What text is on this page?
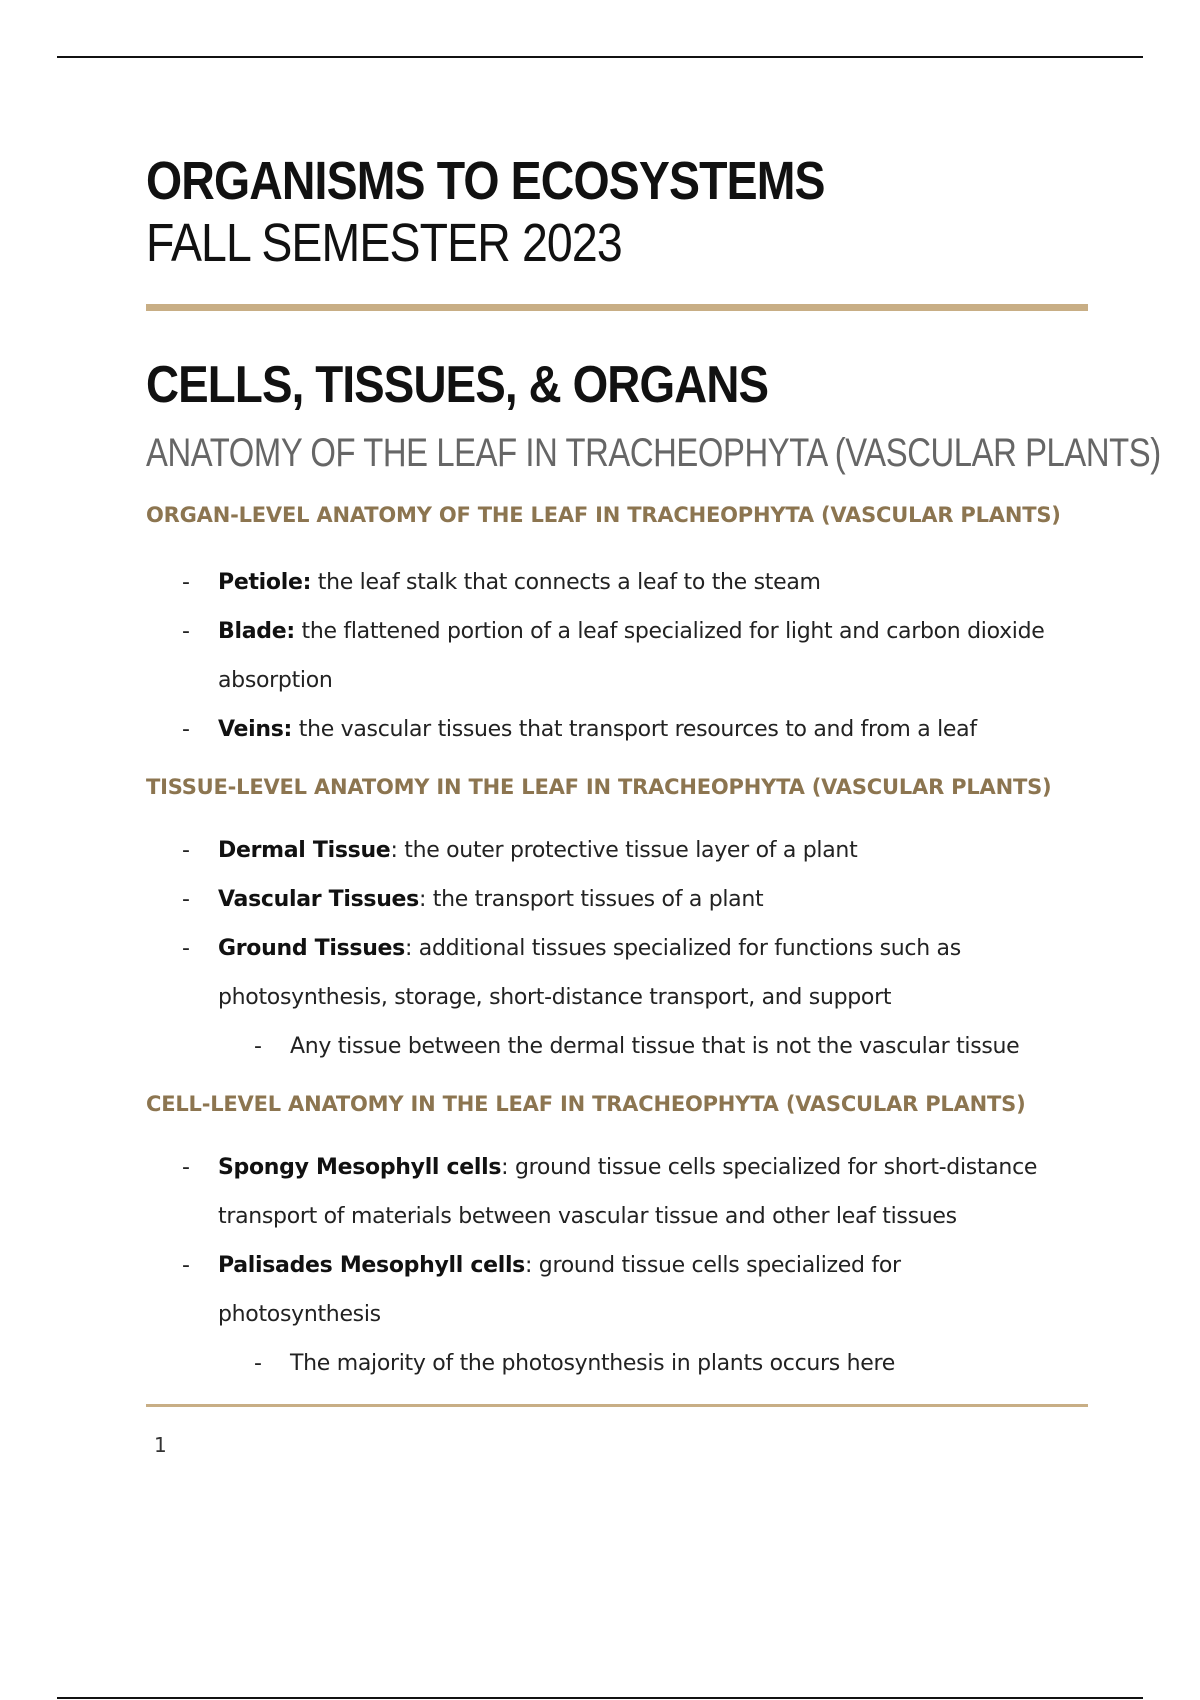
ORGANISMS TO ECOSYSTEMS
FALL SEMESTER 2023
CELLS, TISSUES, & ORGANS
ANATOMY OF THE LEAF IN TRACHEOPHYTA (VASCULAR PLANTS)
ORGAN-LEVEL ANATOMY OF THE LEAF IN TRACHEOPHYTA (VASCULAR PLANTS)
- Petiole: the leaf stalk that connects a leaf to the steam
- Blade: the flattened portion of a leaf specialized for light and carbon dioxide
absorption
- Veins: the vascular tissues that transport resources to and from a leaf
TISSUE-LEVEL ANATOMY IN THE LEAF IN TRACHEOPHYTA (VASCULAR PLANTS)
- Dermal Tissue: the outer protective tissue layer of a plant
- Vascular Tissues: the transport tissues of a plant
- Ground Tissues: additional tissues specialized for functions such as
photosynthesis, storage, short-distance transport, and support
- Any tissue between the dermal tissue that is not the vascular tissue
CELL-LEVEL ANATOMY IN THE LEAF IN TRACHEOPHYTA (VASCULAR PLANTS)
- Spongy Mesophyll cells: ground tissue cells specialized for short-distance
transport of materials between vascular tissue and other leaf tissues
- Palisades Mesophyll cells: ground tissue cells specialized for
photosynthesis
- The majority of the photosynthesis in plants occurs here
1
